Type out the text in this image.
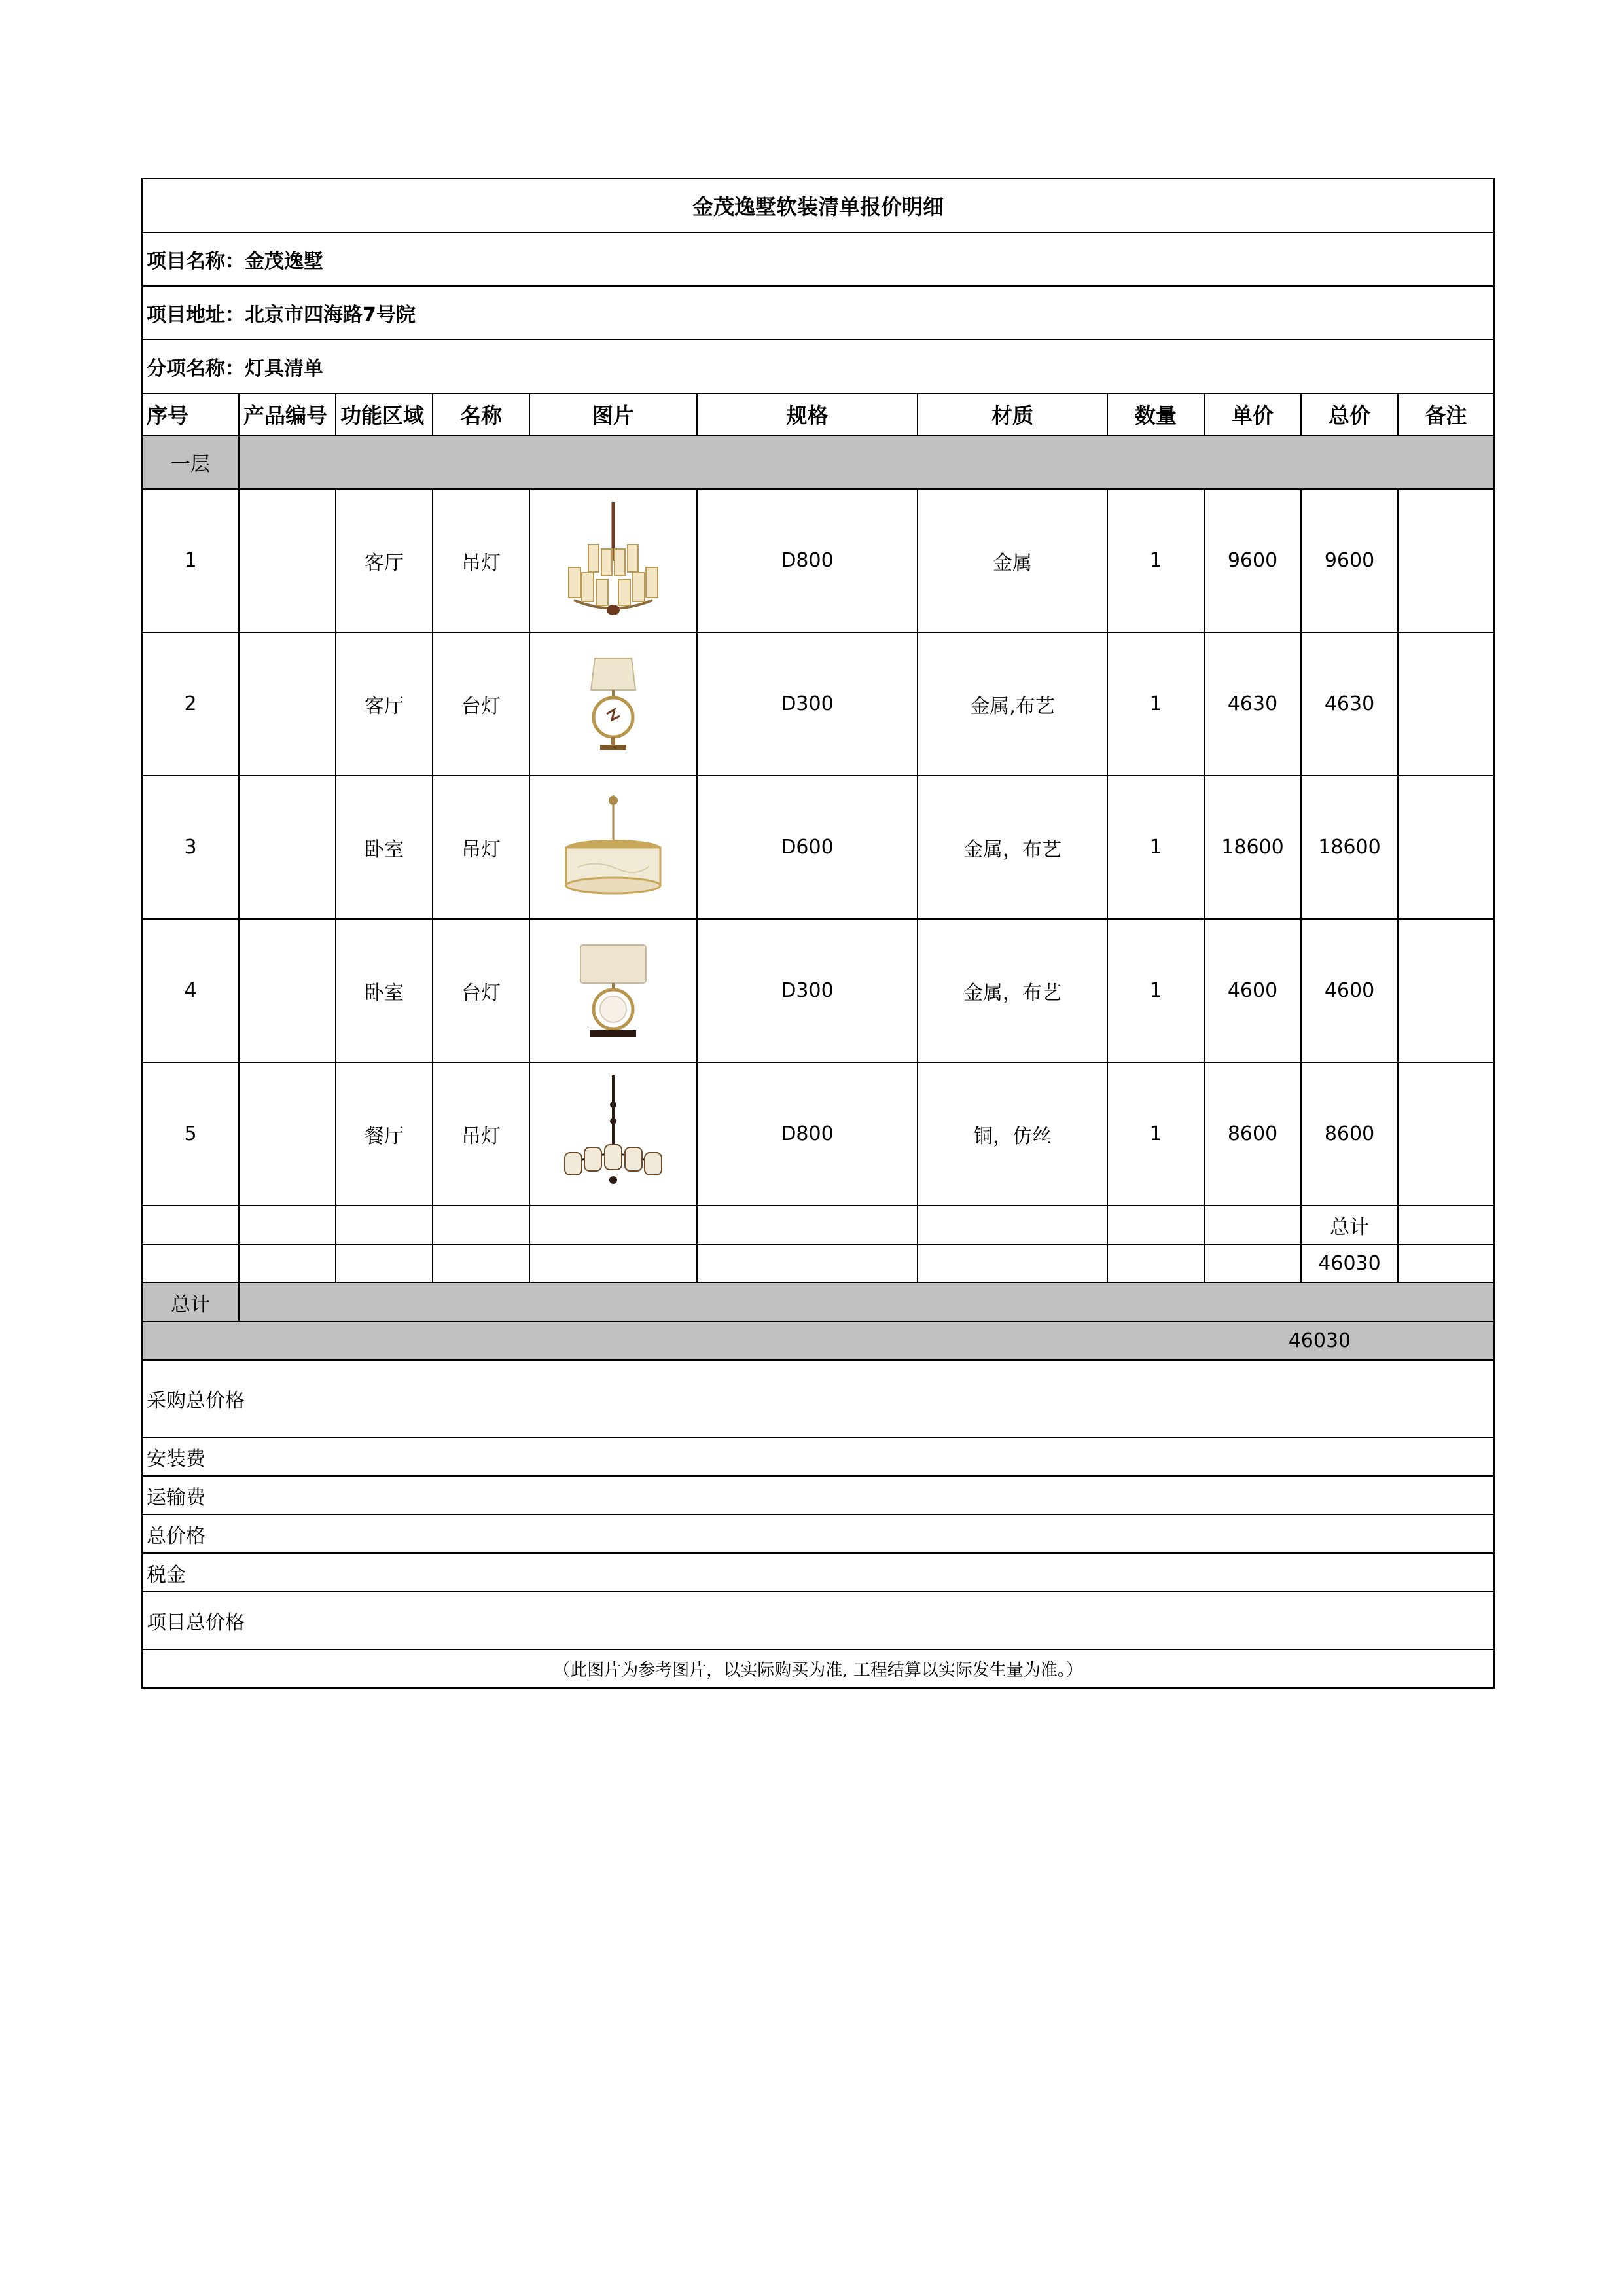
金茂逸墅软装清单报价明细										
项目名称：金茂逸墅										
项目地址：北京市四海路7号院										
分项名称：灯具清单										
序号	产品编号	功能区域	名称	图片	规格	材质	数量	单价	总价	备注
一层										
1		客厅	吊灯		D800	金属	1	9600	9600	
2		客厅	台灯		D300	金属,布艺	1	4630	4630	
3		卧室	吊灯		D600	金属，布艺	1	18600	18600	
4		卧室	台灯		D300	金属，布艺	1	4600	4600	
5		餐厅	吊灯		D800	铜，仿丝	1	8600	8600	
									总计	
									46030	
总计										
46030										
采购总价格										
安装费										
运输费										
总价格										
税金										
项目总价格										
（此图片为参考图片，以实际购买为准, 工程结算以实际发生量为准。）										
